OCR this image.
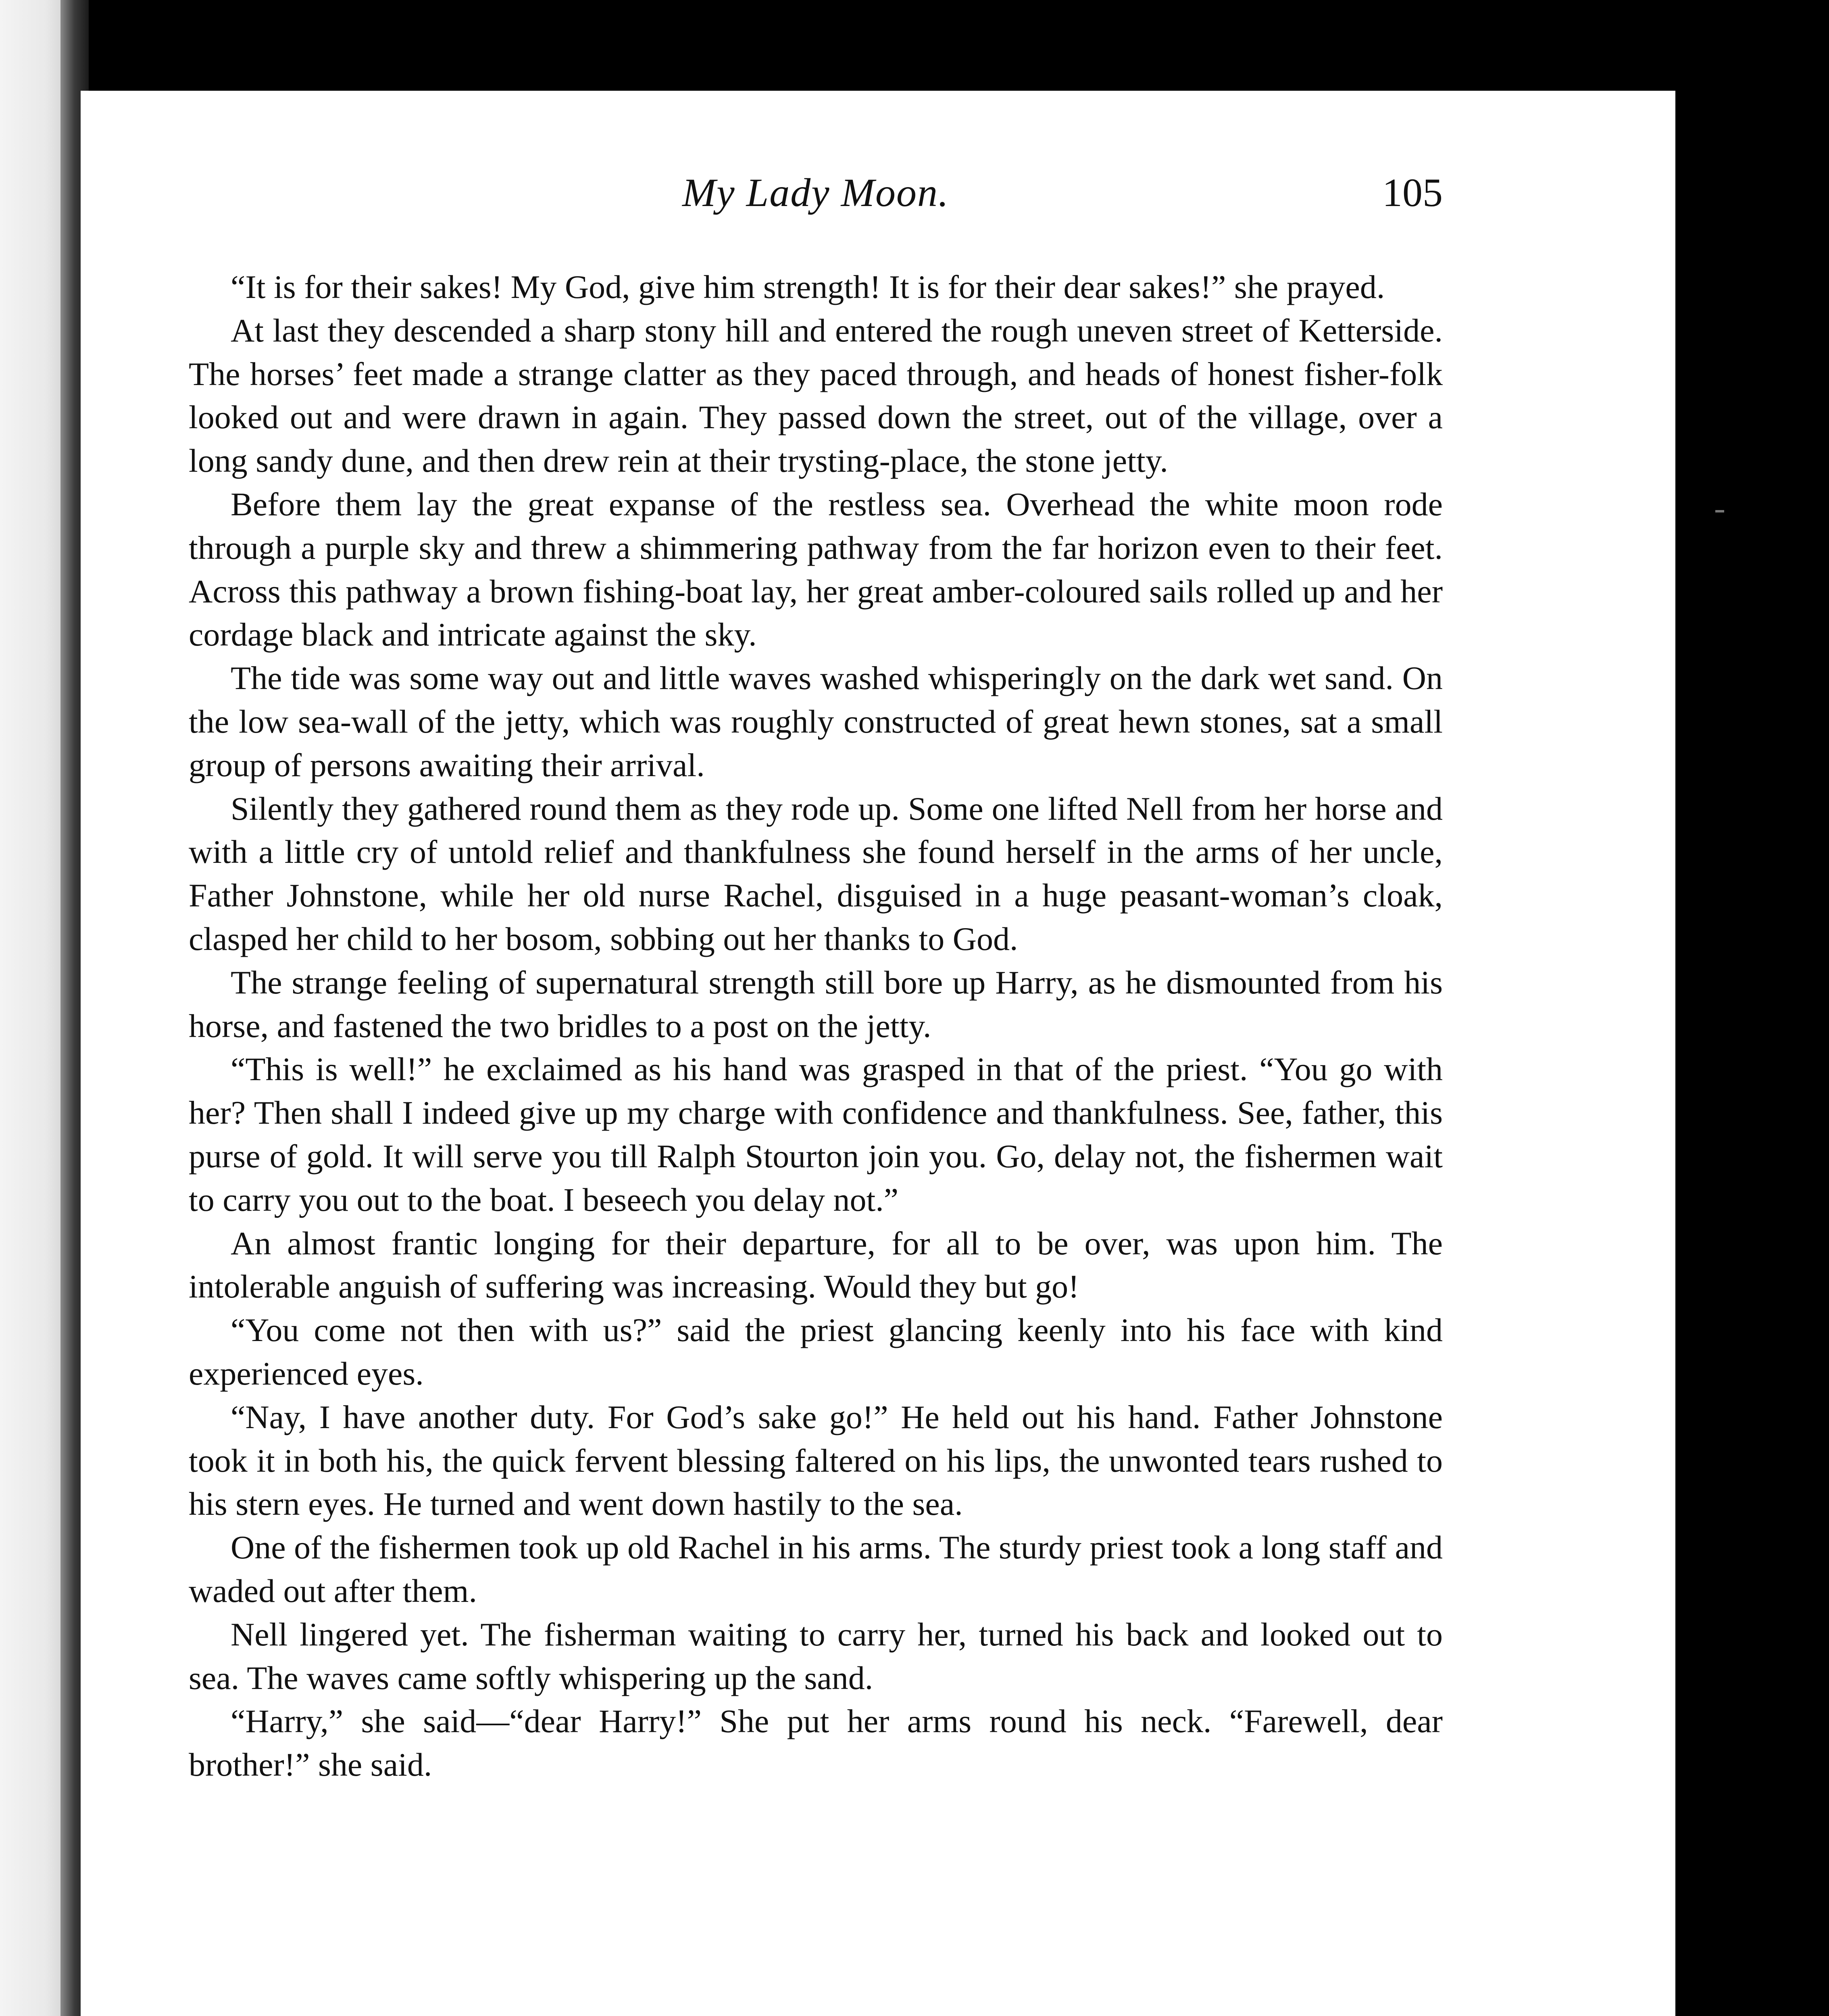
My Lady Moon.	105

“It is for their sakes! My God, give him strength! It is for their dear sakes!” she prayed.

At last they descended a sharp stony hill and entered the rough uneven street of Ketterside. The horses’ feet made a strange clatter as they paced through, and heads of honest fisher-folk looked out and were drawn in again. They passed down the street, out of the village, over a long sandy dune, and then drew rein at their trysting-place, the stone jetty.

Before them lay the great expanse of the restless sea. Overhead the white moon rode through a purple sky and threw a shimmering pathway from the far horizon even to their feet. Across this pathway a brown fishing-boat lay, her great amber-coloured sails rolled up and her cordage black and intricate against the sky.

The tide was some way out and little waves washed whisperingly on the dark wet sand. On the low sea-wall of the jetty, which was roughly constructed of great hewn stones, sat a small group of persons awaiting their arrival.

Silently they gathered round them as they rode up. Some one lifted Nell from her horse and with a little cry of untold relief and thankfulness she found herself in the arms of her uncle, Father Johnstone, while her old nurse Rachel, disguised in a huge peasant-woman’s cloak, clasped her child to her bosom, sobbing out her thanks to God.

The strange feeling of supernatural strength still bore up Harry, as he dismounted from his horse, and fastened the two bridles to a post on the jetty.

“This is well!” he exclaimed as his hand was grasped in that of the priest. “You go with her? Then shall I indeed give up my charge with confidence and thankfulness. See, father, this purse of gold. It will serve you till Ralph Stourton join you. Go, delay not, the fishermen wait to carry you out to the boat. I beseech you delay not.”

An almost frantic longing for their departure, for all to be over, was upon him. The intolerable anguish of suffering was increasing. Would they but go!

“You come not then with us?” said the priest glancing keenly into his face with kind experienced eyes.

“Nay, I have another duty. For God’s sake go!” He held out his hand. Father Johnstone took it in both his, the quick fervent blessing faltered on his lips, the unwonted tears rushed to his stern eyes. He turned and went down hastily to the sea.

One of the fishermen took up old Rachel in his arms. The sturdy priest took a long staff and waded out after them.

Nell lingered yet. The fisherman waiting to carry her, turned his back and looked out to sea. The waves came softly whispering up the sand.

“Harry,” she said—“dear Harry!” She put her arms round his neck. “Farewell, dear brother!” she said.
